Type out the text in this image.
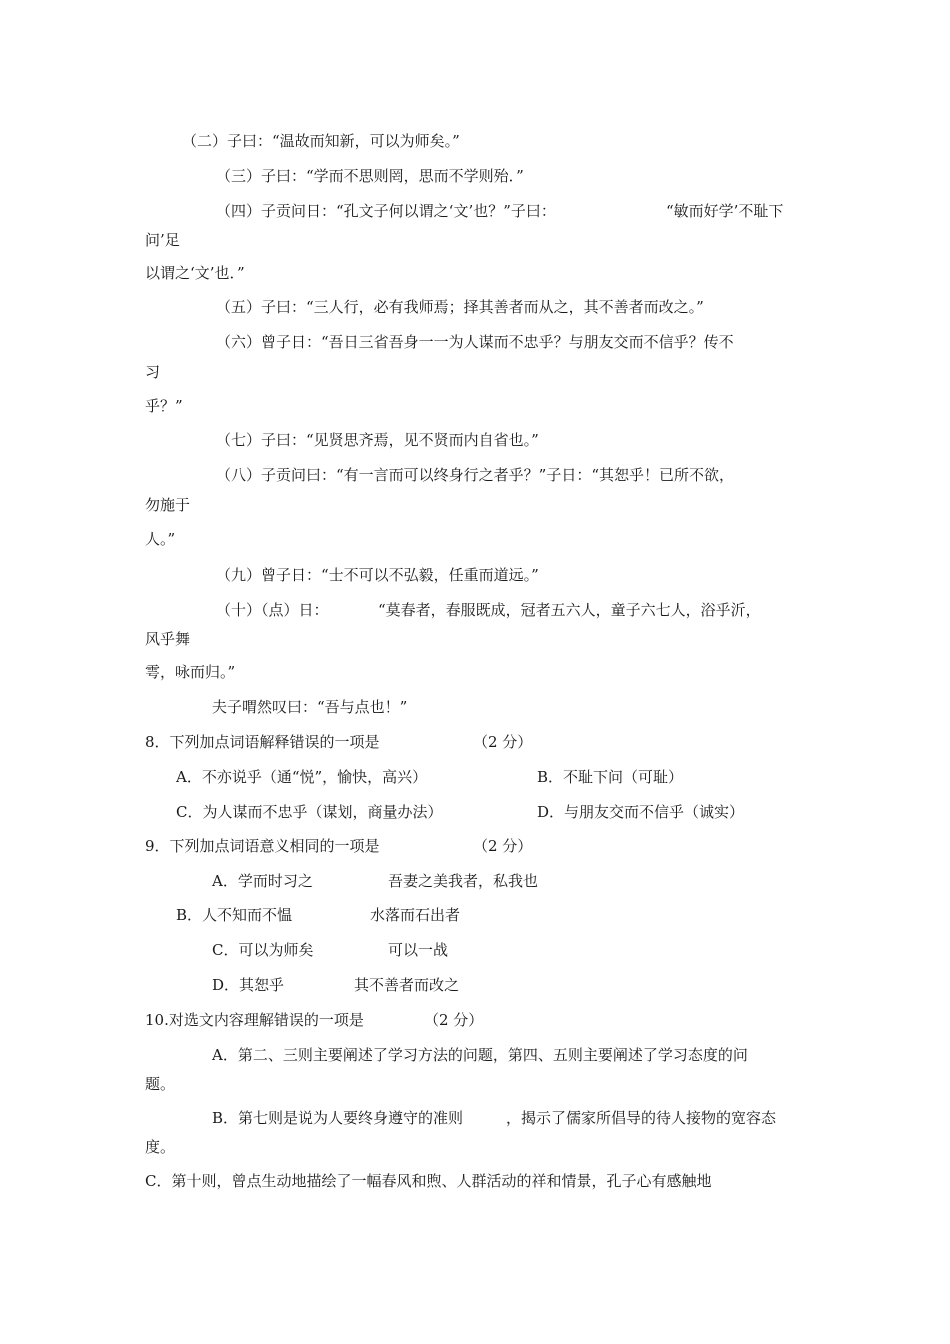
（二）子曰：“温故而知新，可以为师矣。”

（三）子曰：“学而不思则罔，思而不学则殆．”

（四）子贡问日：“孔文子何以谓之‘文’也？”子曰：	“敏而好学’不耻下

问’足

以谓之‘文’也．”

（五）子曰：“三人行，必有我师焉；择其善者而从之，其不善者而改之。”

（六）曾子日：“吾日三省吾身一一为人谋而不忠乎？与朋友交而不信乎？传不

习

乎？”

（七）子曰：“见贤思齐焉，见不贤而内自省也。”

（八）子贡问曰：“有一言而可以终身行之者乎？”子日：“其恕乎！已所不欲，

勿施于

人。”

（九）曾子日：“士不可以不弘毅，任重而道远。”

（十）（点）日：	“莫春者，春服既成，冠者五六人，童子六七人，浴乎沂，

风乎舞

雩，咏而归。”

夫子喟然叹曰：“吾与点也！”

8．下列加点词语解释错误的一项是	（2 分）

A．不亦说乎（通“悦”，愉快，高兴）	B．不耻下问（可耻）

C．为人谋而不忠乎（谋划，商量办法）	D．与朋友交而不信乎（诚实）

9．下列加点词语意义相同的一项是	（2 分）

A．学而时习之	吾妻之美我者，私我也

B．人不知而不愠	水落而石出者

C．可以为师矣	可以一战

D．其恕乎	其不善者而改之

10.对选文内容理解错误的一项是	（2 分）

A．第二、三则主要阐述了学习方法的问题，第四、五则主要阐述了学习态度的问

题。

B．第七则是说为人要终身遵守的准则	，揭示了儒家所倡导的待人接物的宽容态

度。

C．第十则，曾点生动地描绘了一幅春风和煦、人群活动的祥和情景，孔子心有感触地
